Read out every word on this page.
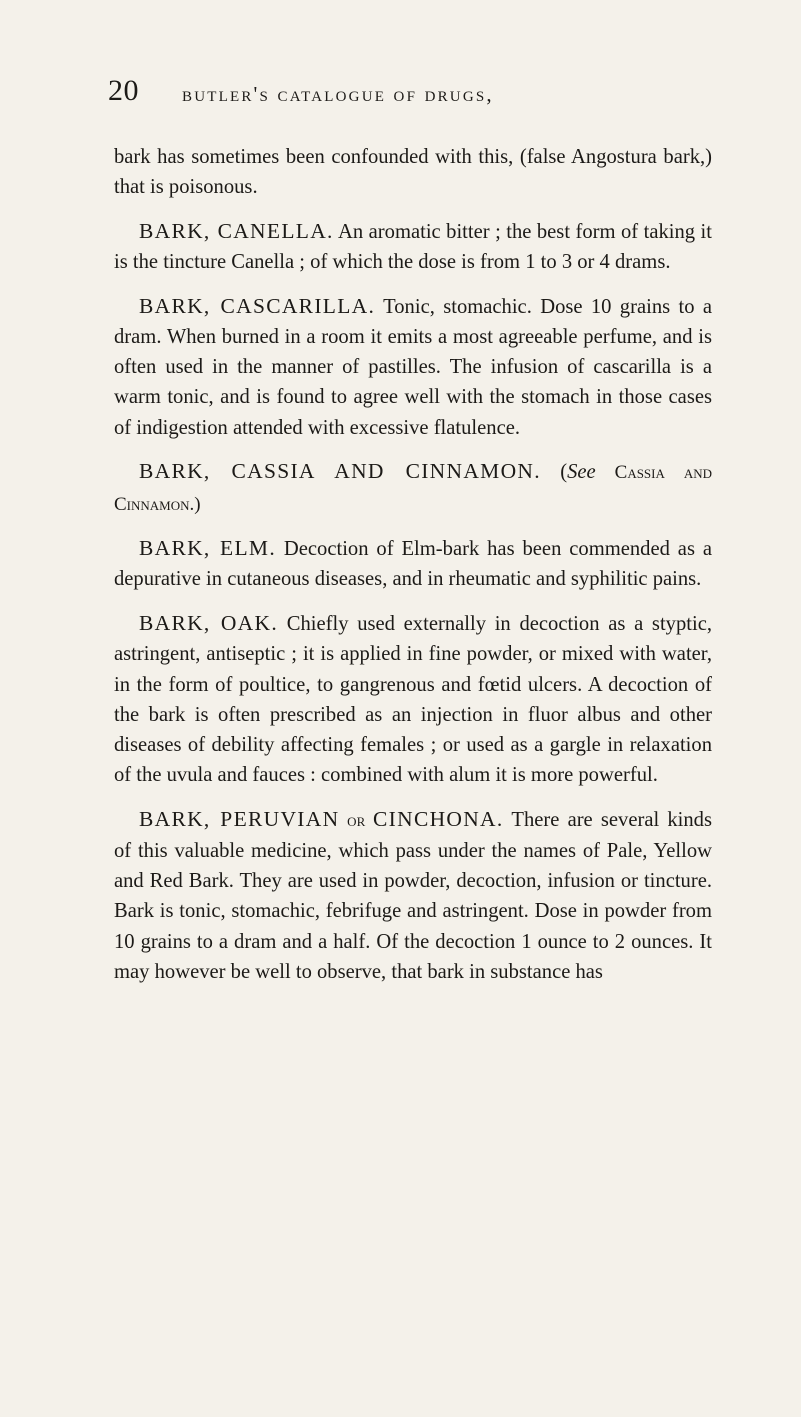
20 butler's catalogue of drugs,

bark has sometimes been confounded with this, (false Angostura bark,) that is poisonous.

BARK, CANELLA. An aromatic bitter ; the best form of taking it is the tincture Canella ; of which the dose is from 1 to 3 or 4 drams.

BARK, CASCARILLA. Tonic, stomachic. Dose 10 grains to a dram. When burned in a room it emits a most agreeable perfume, and is often used in the manner of pastilles. The infusion of cascarilla is a warm tonic, and is found to agree well with the stomach in those cases of indigestion attended with excessive flatulence.

BARK, CASSIA AND CINNAMON. (See Cassia and Cinnamon.)

BARK, ELM. Decoction of Elm-bark has been commended as a depurative in cutaneous diseases, and in rheumatic and syphilitic pains.

BARK, OAK. Chiefly used externally in decoction as a styptic, astringent, antiseptic ; it is applied in fine powder, or mixed with water, in the form of poultice, to gangrenous and fœtid ulcers. A decoction of the bark is often prescribed as an injection in fluor albus and other diseases of debility affecting females ; or used as a gargle in relaxation of the uvula and fauces : combined with alum it is more powerful.

BARK, PERUVIAN or CINCHONA. There are several kinds of this valuable medicine, which pass under the names of Pale, Yellow and Red Bark. They are used in powder, decoction, infusion or tincture. Bark is tonic, stomachic, febrifuge and astringent. Dose in powder from 10 grains to a dram and a half. Of the decoction 1 ounce to 2 ounces. It may however be well to observe, that bark in substance has
